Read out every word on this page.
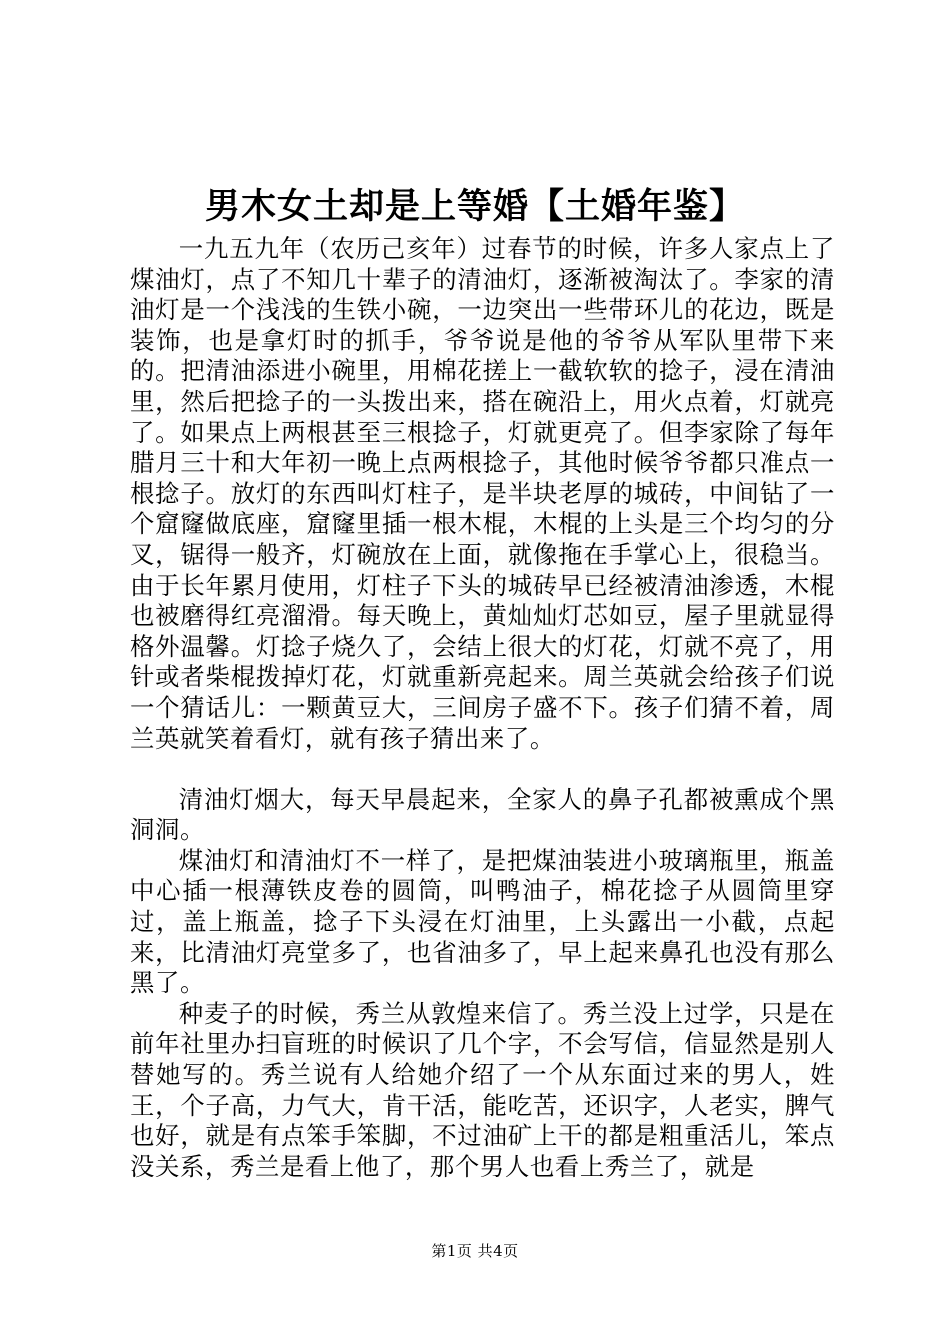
男木女土却是上等婚【土婚年鉴】

一九五九年（农历己亥年）过春节的时候，许多人家点上了煤油灯，点了不知几十辈子的清油灯，逐渐被淘汰了。李家的清油灯是一个浅浅的生铁小碗，一边突出一些带环儿的花边，既是装饰，也是拿灯时的抓手，爷爷说是他的爷爷从军队里带下来的。把清油添进小碗里，用棉花搓上一截软软的捻子，浸在清油里，然后把捻子的一头拨出来，搭在碗沿上，用火点着，灯就亮了。如果点上两根甚至三根捻子，灯就更亮了。但李家除了每年腊月三十和大年初一晚上点两根捻子，其他时候爷爷都只准点一根捻子。放灯的东西叫灯柱子，是半块老厚的城砖，中间钻了一个窟窿做底座，窟窿里插一根木棍，木棍的上头是三个均匀的分叉，锯得一般齐，灯碗放在上面，就像拖在手掌心上，很稳当。由于长年累月使用，灯柱子下头的城砖早已经被清油渗透，木棍也被磨得红亮溜滑。每天晚上，黄灿灿灯芯如豆，屋子里就显得格外温馨。灯捻子烧久了，会结上很大的灯花，灯就不亮了，用针或者柴棍拨掉灯花，灯就重新亮起来。周兰英就会给孩子们说一个猜话儿：一颗黄豆大，三间房子盛不下。孩子们猜不着，周兰英就笑着看灯，就有孩子猜出来了。

清油灯烟大，每天早晨起来，全家人的鼻子孔都被熏成个黑洞洞。

煤油灯和清油灯不一样了，是把煤油装进小玻璃瓶里，瓶盖中心插一根薄铁皮卷的圆筒，叫鸭油子，棉花捻子从圆筒里穿过，盖上瓶盖，捻子下头浸在灯油里，上头露出一小截，点起来，比清油灯亮堂多了，也省油多了，早上起来鼻孔也没有那么黑了。

种麦子的时候，秀兰从敦煌来信了。秀兰没上过学，只是在前年社里办扫盲班的时候识了几个字，不会写信，信显然是别人替她写的。秀兰说有人给她介绍了一个从东面过来的男人，姓王，个子高，力气大，肯干活，能吃苦，还识字，人老实，脾气也好，就是有点笨手笨脚，不过油矿上干的都是粗重活儿，笨点没关系，秀兰是看上他了，那个男人也看上秀兰了，就是

第1页 共4页
